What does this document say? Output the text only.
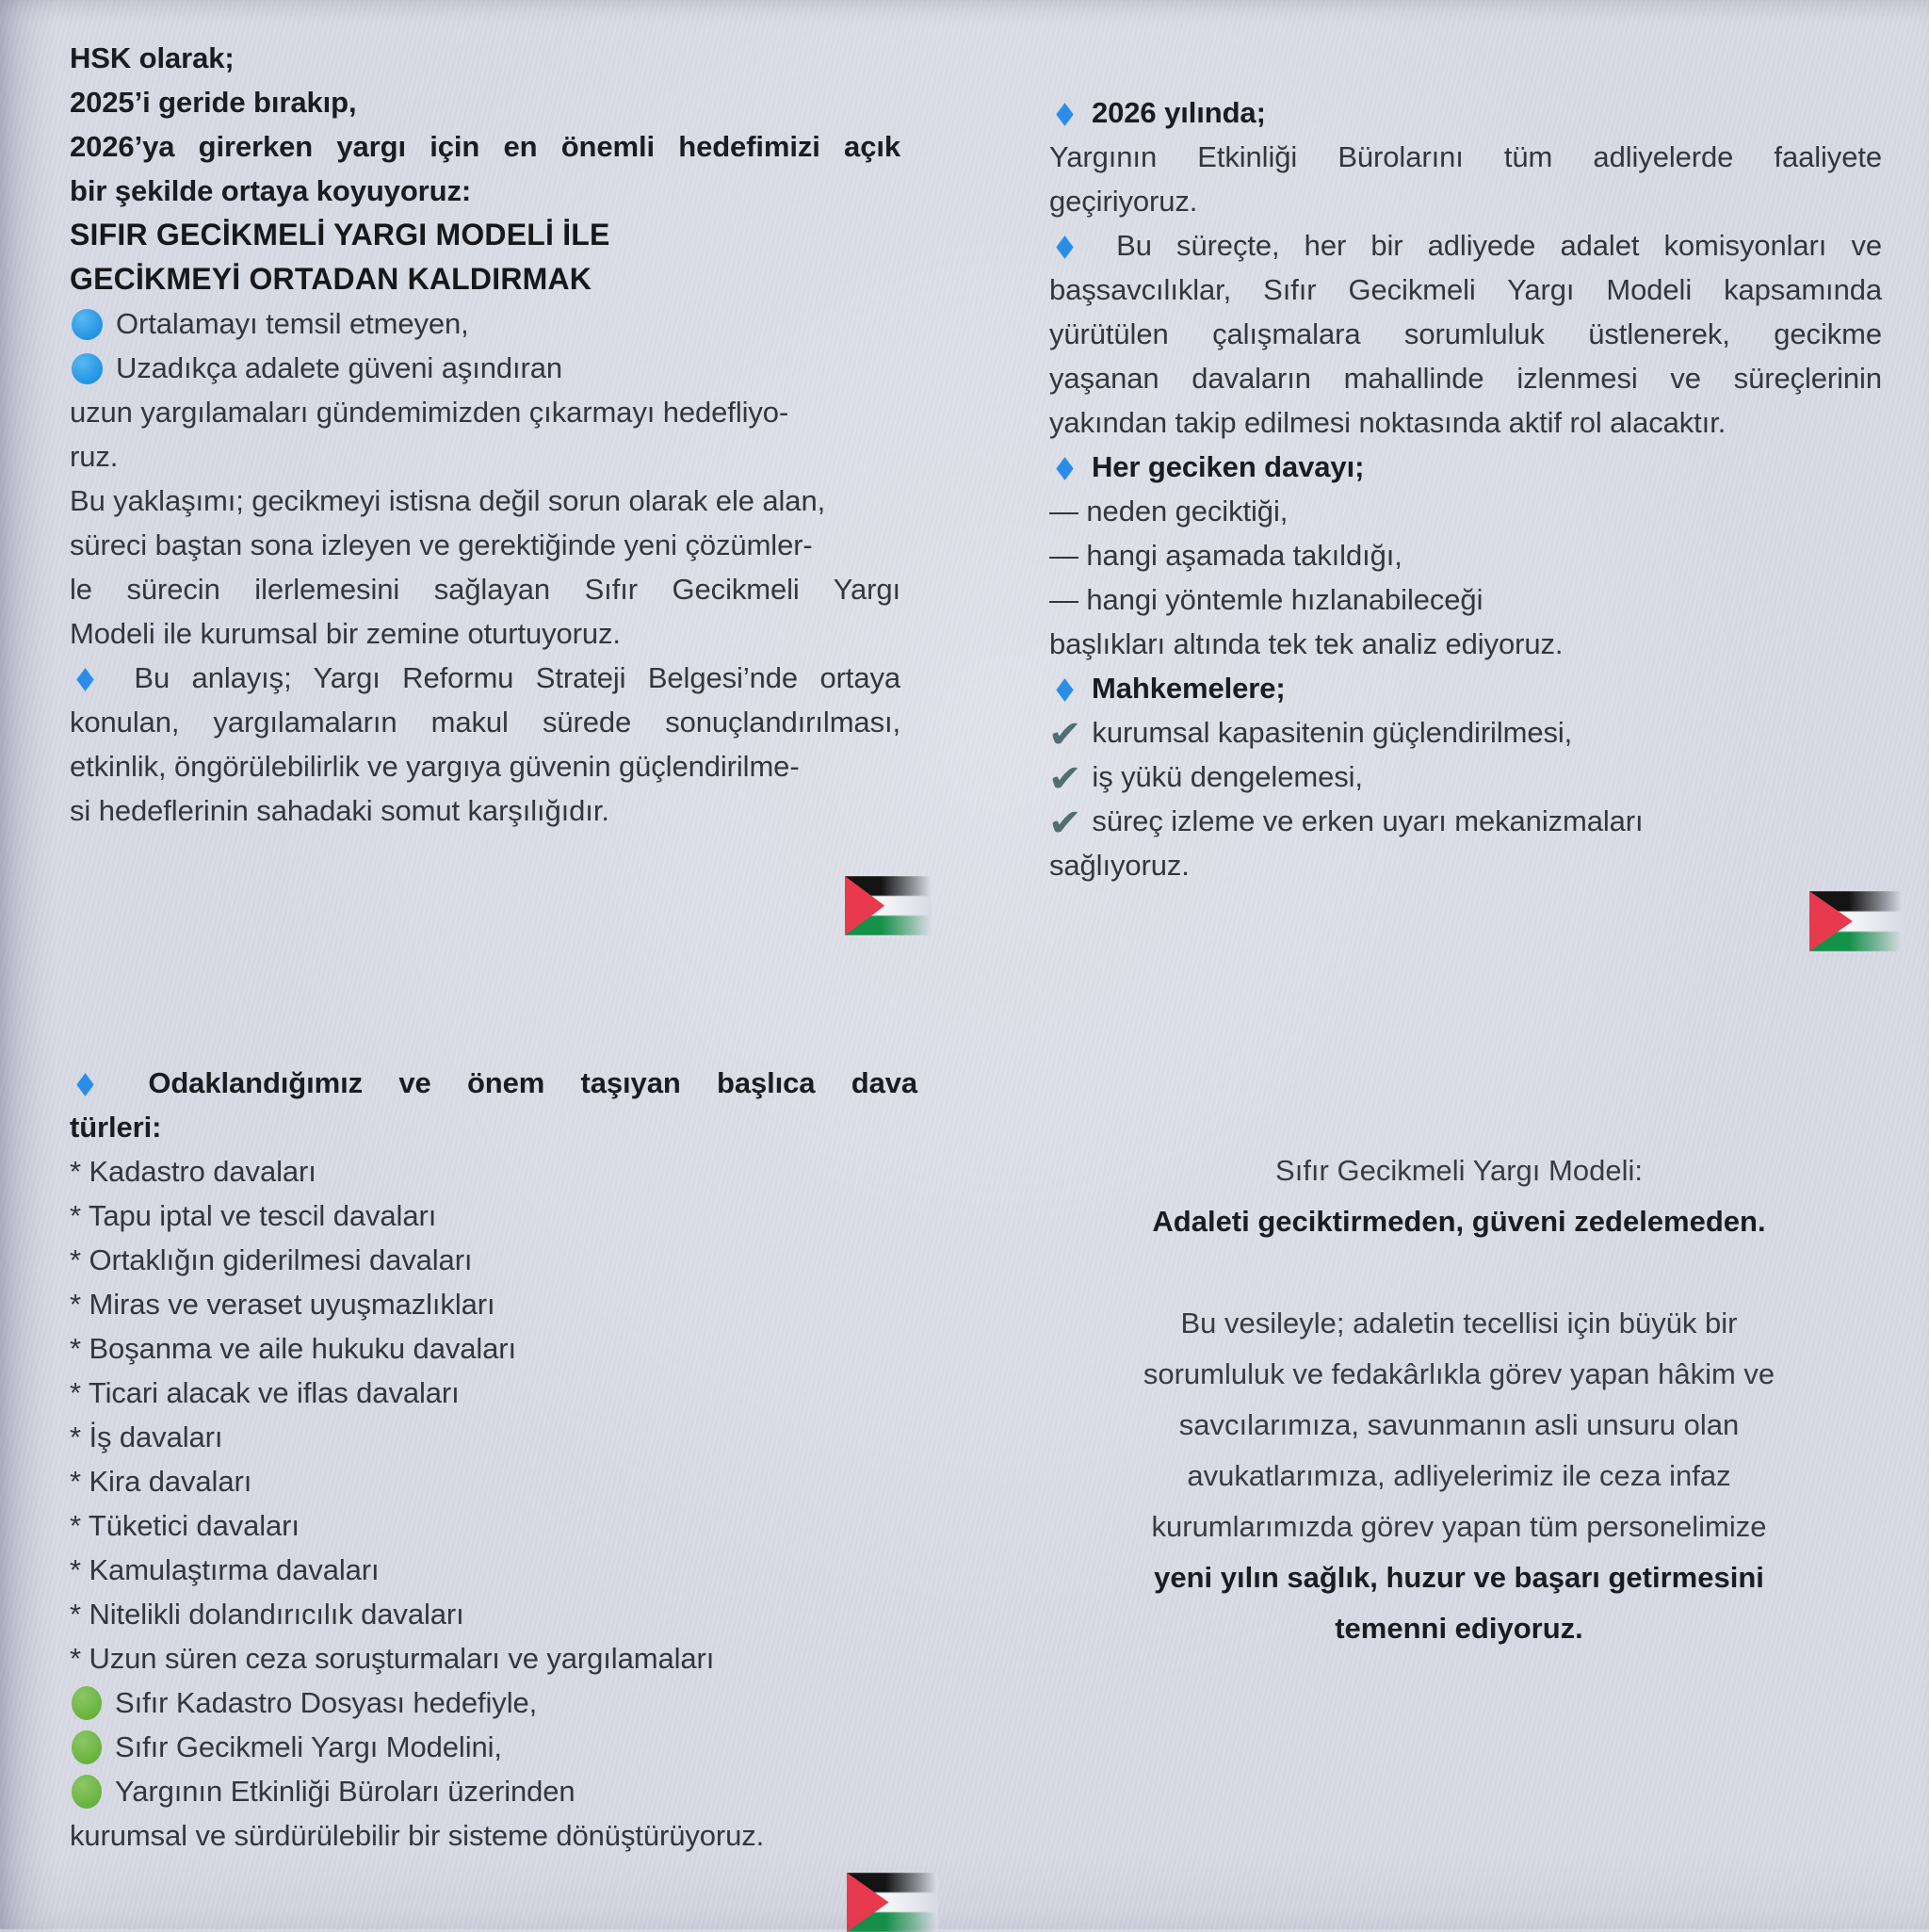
HSK olarak;
2025’i geride bırakıp,
2026’ya girerken yargı için en önemli hedefimizi açık
bir şekilde ortaya koyuyoruz:
SIFIR GECİKMELİ YARGI MODELİ İLE
GECİKMEYİ ORTADAN KALDIRMAK
Ortalamayı temsil etmeyen,
Uzadıkça adalete güveni aşındıran
uzun yargılamaları gündemimizden çıkarmayı hedefliyo-
ruz.
Bu yaklaşımı; gecikmeyi istisna değil sorun olarak ele alan,
süreci baştan sona izleyen ve gerektiğinde yeni çözümler-
le sürecin ilerlemesini sağlayan Sıfır Gecikmeli Yargı
Modeli ile kurumsal bir zemine oturtuyoruz.
Bu anlayış; Yargı Reformu Strateji Belgesi’nde ortaya
konulan, yargılamaların makul sürede sonuçlandırılması,
etkinlik, öngörülebilirlik ve yargıya güvenin güçlendirilme-
si hedeflerinin sahadaki somut karşılığıdır.
2026 yılında;
Yargının Etkinliği Bürolarını tüm adliyelerde faaliyete
geçiriyoruz.
Bu süreçte, her bir adliyede adalet komisyonları ve
başsavcılıklar, Sıfır Gecikmeli Yargı Modeli kapsamında
yürütülen çalışmalara sorumluluk üstlenerek, gecikme
yaşanan davaların mahallinde izlenmesi ve süreçlerinin
yakından takip edilmesi noktasında aktif rol alacaktır.
Her geciken davayı;
— neden geciktiği,
— hangi aşamada takıldığı,
— hangi yöntemle hızlanabileceği
başlıkları altında tek tek analiz ediyoruz.
Mahkemelere;
✔kurumsal kapasitenin güçlendirilmesi,
✔iş yükü dengelemesi,
✔süreç izleme ve erken uyarı mekanizmaları
sağlıyoruz.
Odaklandığımız ve önem taşıyan başlıca dava
türleri:
* Kadastro davaları
* Tapu iptal ve tescil davaları
* Ortaklığın giderilmesi davaları
* Miras ve veraset uyuşmazlıkları
* Boşanma ve aile hukuku davaları
* Ticari alacak ve iflas davaları
* İş davaları
* Kira davaları
* Tüketici davaları
* Kamulaştırma davaları
* Nitelikli dolandırıcılık davaları
* Uzun süren ceza soruşturmaları ve yargılamaları
Sıfır Kadastro Dosyası hedefiyle,
Sıfır Gecikmeli Yargı Modelini,
Yargının Etkinliği Büroları üzerinden
kurumsal ve sürdürülebilir bir sisteme dönüştürüyoruz.
Sıfır Gecikmeli Yargı Modeli:
Adaleti geciktirmeden, güveni zedelemeden.

Bu vesileyle; adaletin tecellisi için büyük bir
sorumluluk ve fedakârlıkla görev yapan hâkim ve
savcılarımıza, savunmanın asli unsuru olan
avukatlarımıza, adliyelerimiz ile ceza infaz
kurumlarımızda görev yapan tüm personelimize
yeni yılın sağlık, huzur ve başarı getirmesini
temenni ediyoruz.
